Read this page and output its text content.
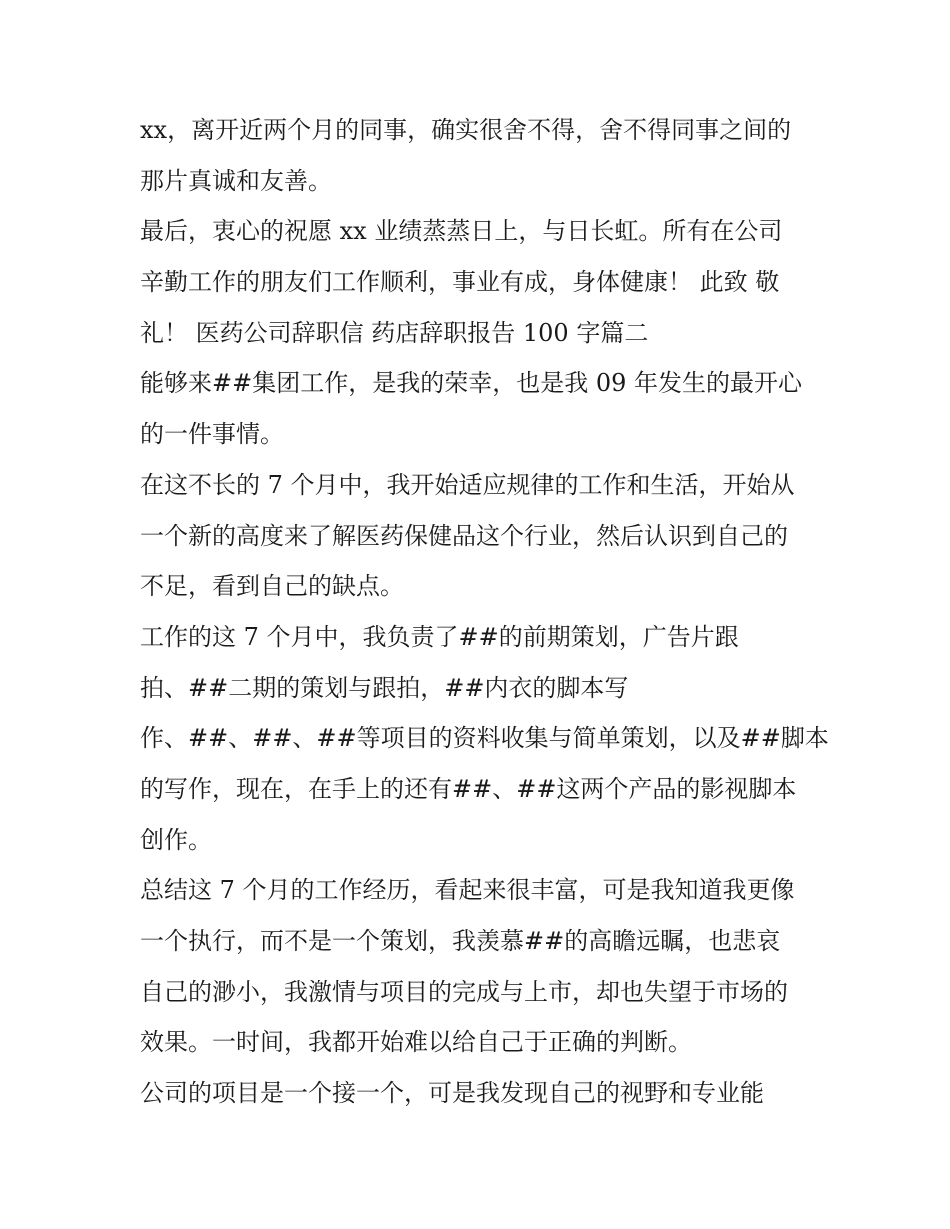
xx，离开近两个月的同事，确实很舍不得，舍不得同事之间的
那片真诚和友善。
最后，衷心的祝愿 xx 业绩蒸蒸日上，与日长虹。所有在公司
辛勤工作的朋友们工作顺利，事业有成，身体健康！ 此致 敬
礼！ 医药公司辞职信 药店辞职报告 100 字篇二
能够来##集团工作，是我的荣幸，也是我 09 年发生的最开心
的一件事情。
在这不长的 7 个月中，我开始适应规律的工作和生活，开始从
一个新的高度来了解医药保健品这个行业，然后认识到自己的
不足，看到自己的缺点。
工作的这 7 个月中，我负责了##的前期策划，广告片跟
拍、##二期的策划与跟拍，##内衣的脚本写
作、##、##、##等项目的资料收集与简单策划，以及##脚本
的写作，现在，在手上的还有##、##这两个产品的影视脚本
创作。
总结这 7 个月的工作经历，看起来很丰富，可是我知道我更像
一个执行，而不是一个策划，我羡慕##的高瞻远瞩，也悲哀
自己的渺小，我激情与项目的完成与上市，却也失望于市场的
效果。一时间，我都开始难以给自己于正确的判断。
公司的项目是一个接一个，可是我发现自己的视野和专业能
